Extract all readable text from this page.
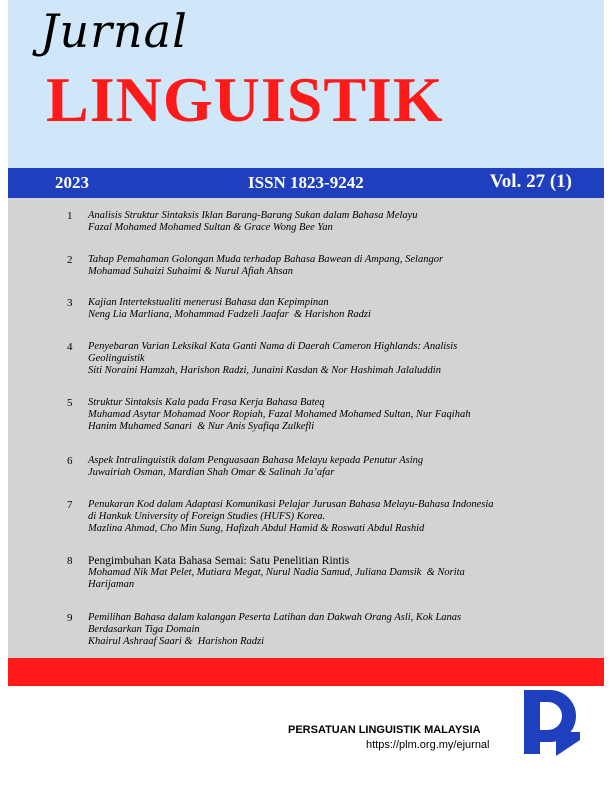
Jurnal
LINGUISTIK
2023	ISSN 1823-9242	Vol. 27 (1)
1 Analisis Struktur Sintaksis Iklan Barang-Barang Sukan dalam Bahasa Melayu
Fazal Mohamed Mohamed Sultan & Grace Wong Bee Yan
2 Tahap Pemahaman Golongan Muda terhadap Bahasa Bawean di Ampang, Selangor
Mohamad Suhaizi Suhaimi & Nurul Afiah Ahsan
3 Kajian Intertekstualiti menerusi Bahasa dan Kepimpinan
Neng Lia Marliana, Mohammad Fadzeli Jaafar  & Harishon Radzi
4 Penyebaran Varian Leksikal Kata Ganti Nama di Daerah Cameron Highlands: Analisis
Geolinguistik
Siti Noraini Hamzah, Harishon Radzi, Junaini Kasdan & Nor Hashimah Jalaluddin
5 Struktur Sintaksis Kala pada Frasa Kerja Bahasa Bateq
Muhamad Asytar Mohamad Noor Ropiah, Fazal Mohamed Mohamed Sultan, Nur Faqihah
Hanim Muhamed Sanari  & Nur Anis Syafiqa Zulkefli
6 Aspek Intralinguistik dalam Penguasaan Bahasa Melayu kepada Penutur Asing
Juwairiah Osman, Mardian Shah Omar & Salinah Ja’afar
7 Penukaran Kod dalam Adaptasi Komunikasi Pelajar Jurusan Bahasa Melayu-Bahasa Indonesia
di Hankuk University of Foreign Studies (HUFS) Korea.
Mazlina Ahmad, Cho Min Sung, Hafizah Abdul Hamid & Roswati Abdul Rashid
8 Pengimbuhan Kata Bahasa Semai: Satu Penelitian Rintis
Mohamad Nik Mat Pelet, Mutiara Megat, Nurul Nadia Samud, Juliana Damsik  & Norita
Harijaman
9 Pemilihan Bahasa dalam kalangan Peserta Latihan dan Dakwah Orang Asli, Kok Lanas
Berdasarkan Tiga Domain
Khairul Ashraaf Saari &  Harishon Radzi
PERSATUAN LINGUISTIK MALAYSIA
https://plm.org.my/ejurnal
